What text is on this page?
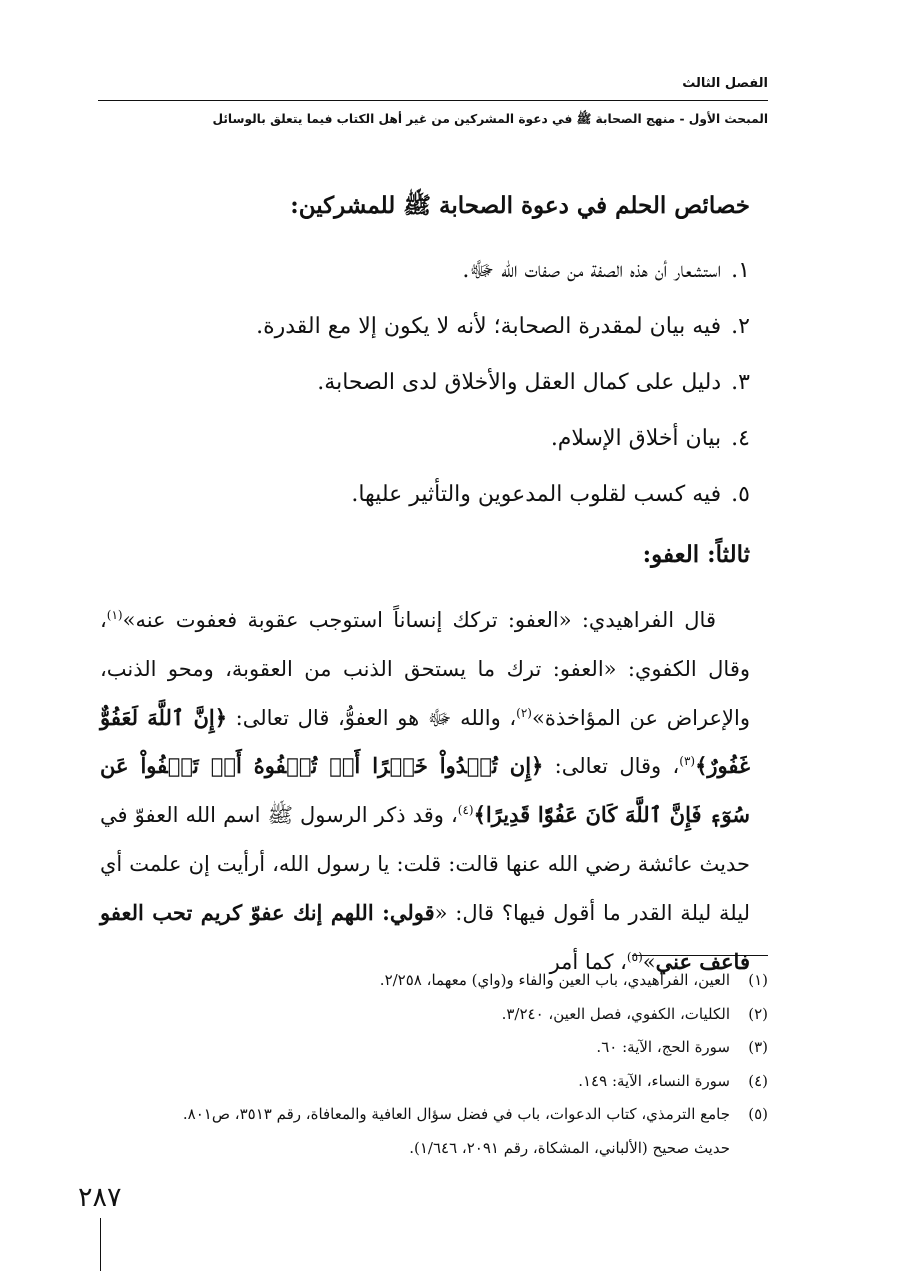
الفصل الثالث
المبحث الأول - منهج الصحابة ﷺ في دعوة المشركين من غير أهل الكتاب فيما يتعلق بالوسائل
خصائص الحلم في دعوة الصحابة ﷺ للمشركين:
١.استشعار أن هذه الصفة من صفات الله ﷻ.
٢.فيه بيان لمقدرة الصحابة؛ لأنه لا يكون إلا مع القدرة.
٣.دليل على كمال العقل والأخلاق لدى الصحابة.
٤.بيان أخلاق الإسلام.
٥.فيه كسب لقلوب المدعوين والتأثير عليها.
ثالثاً: العفو:

قال الفراهيدي: «العفو: تركك إنساناً استوجب عقوبة فعفوت عنه»$^{(١)}$، وقال الكفوي: «العفو: ترك ما يستحق الذنب من العقوبة، ومحو الذنب، والإعراض عن المؤاخذة»$^{(٢)}$، والله ﷻ هو العفوُّ، قال تعالى: ﴿إِنَّ ٱللَّهَ لَعَفُوٌّ غَفُورٌ﴾$^{(٣)}$، وقال تعالى: ﴿إِن تُبۡدُواْ خَيۡرًا أَوۡ تُخۡفُوهُ أَوۡ تَعۡفُواْ عَن سُوٓءٖ فَإِنَّ ٱللَّهَ كَانَ عَفُوّٗا قَدِيرًا﴾$^{(٤)}$، وقد ذكر الرسول ﷺ اسم الله العفوّ في حديث عائشة رضي الله عنها قالت: قلت: يا رسول الله، أرأيت إن علمت أي ليلة ليلة القدر ما أقول فيها؟ قال: «قولي: اللهم إنك عفوّ كريم تحب العفو فاعف عني»$^{(٥)}$، كما أمر

(١)العين، الفراهيدي، باب العين والفاء و(واي) معهما، ٢/٢٥٨.
(٢)الكليات، الكفوي، فصل العين، ٣/٢٤٠.
(٣)سورة الحج، الآية: ٦٠.
(٤)سورة النساء، الآية: ١٤٩.
(٥)جامع الترمذي، كتاب الدعوات، باب في فضل سؤال العافية والمعافاة، رقم ٣٥١٣، ص٨٠١.
حديث صحيح (الألباني، المشكاة، رقم ٢٠٩١، ١/٦٤٦).
٢٨٧
